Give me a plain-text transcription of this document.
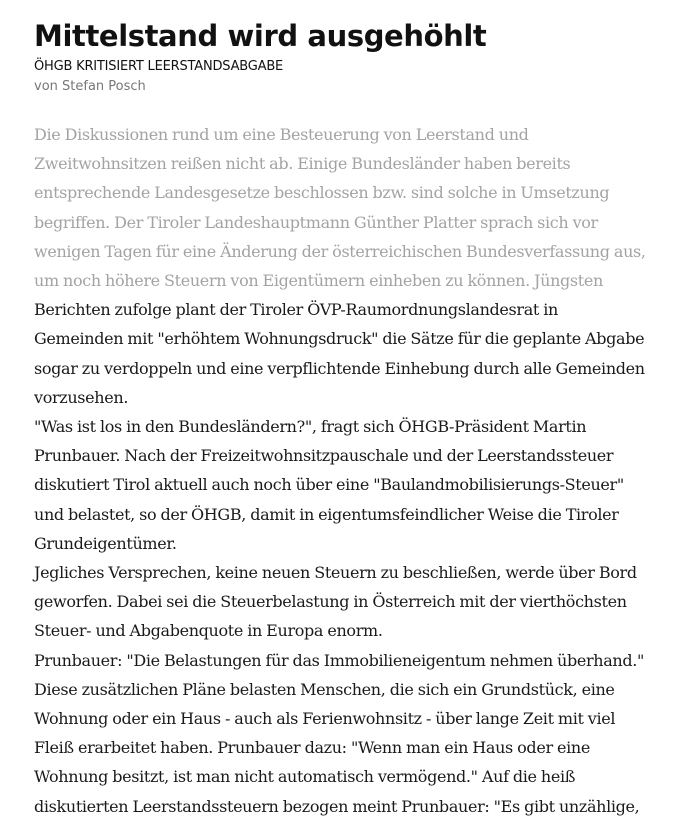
Mittelstand wird ausgehöhlt
ÖHGB KRITISIERT LEERSTANDSABGABE
von Stefan Posch
Die Diskussionen rund um eine Besteuerung von Leerstand und
Zweitwohnsitzen reißen nicht ab. Einige Bundesländer haben bereits
entsprechende Landesgesetze beschlossen bzw. sind solche in Umsetzung
begriffen. Der Tiroler Landeshauptmann Günther Platter sprach sich vor
wenigen Tagen für eine Änderung der österreichischen Bundesverfassung aus,
um noch höhere Steuern von Eigentümern einheben zu können. Jüngsten
Berichten zufolge plant der Tiroler ÖVP-Raumordnungslandesrat in
Gemeinden mit "erhöhtem Wohnungsdruck" die Sätze für die geplante Abgabe
sogar zu verdoppeln und eine verpflichtende Einhebung durch alle Gemeinden
vorzusehen.
"Was ist los in den Bundesländern?", fragt sich ÖHGB-Präsident Martin
Prunbauer. Nach der Freizeitwohnsitzpauschale und der Leerstandssteuer
diskutiert Tirol aktuell auch noch über eine "Baulandmobilisierungs-Steuer"
und belastet, so der ÖHGB, damit in eigentumsfeindlicher Weise die Tiroler
Grundeigentümer.
Jegliches Versprechen, keine neuen Steuern zu beschließen, werde über Bord
geworfen. Dabei sei die Steuerbelastung in Österreich mit der vierthöchsten
Steuer- und Abgabenquote in Europa enorm.
Prunbauer: "Die Belastungen für das Immobilieneigentum nehmen überhand."
Diese zusätzlichen Pläne belasten Menschen, die sich ein Grundstück, eine
Wohnung oder ein Haus - auch als Ferienwohnsitz - über lange Zeit mit viel
Fleiß erarbeitet haben. Prunbauer dazu: "Wenn man ein Haus oder eine
Wohnung besitzt, ist man nicht automatisch vermögend." Auf die heiß
diskutierten Leerstandssteuern bezogen meint Prunbauer: "Es gibt unzählige,
